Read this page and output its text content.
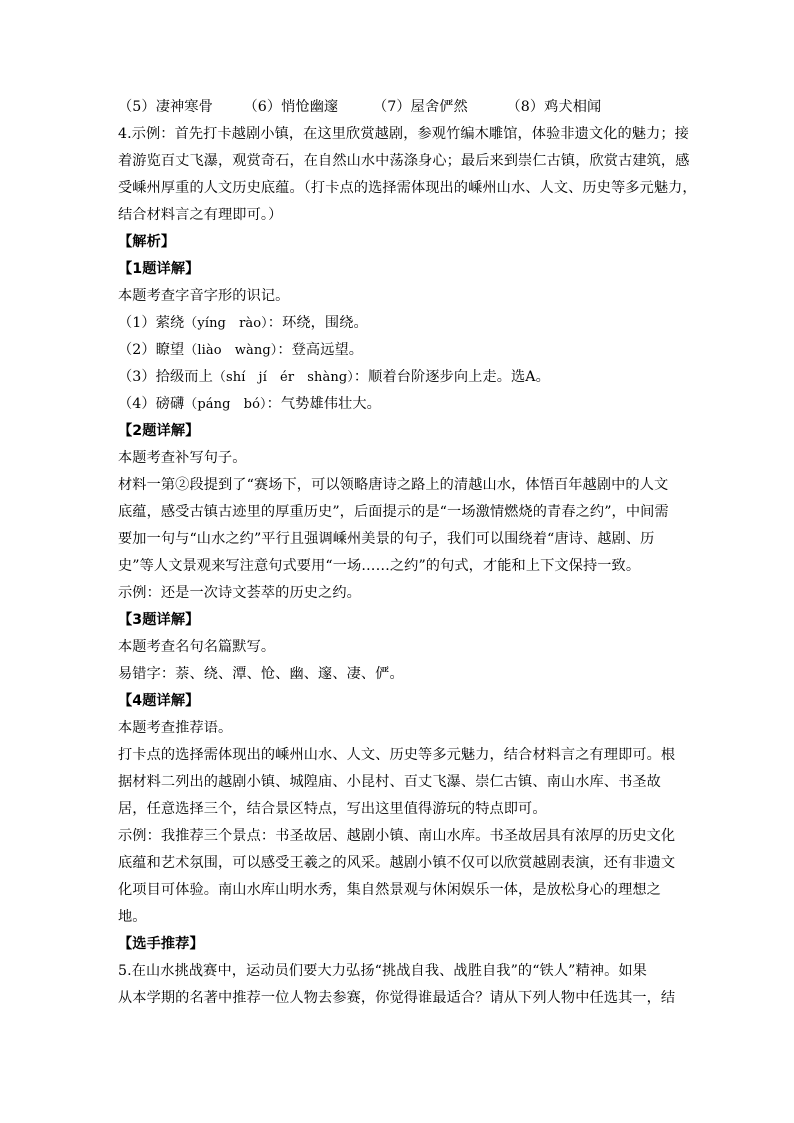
（5）凄神寒骨 （6）悄怆幽邃 （7）屋舍俨然	（8）鸡犬相闻
4.示例：首先打卡越剧小镇，在这里欣赏越剧，参观竹编木雕馆，体验非遗文化的魅力；接
着游览百丈飞瀑，观赏奇石，在自然山水中荡涤身心；最后来到崇仁古镇，欣赏古建筑，感
受嵊州厚重的人文历史底蕴。（打卡点的选择需体现出的嵊州山水、人文、历史等多元魅力，
结合材料言之有理即可。）
【解析】
【1题详解】
本题考查字音字形的识记。
（1）萦绕（yíng　rào）：环绕，围绕。
（2）瞭望（liào　wàng）：登高远望。
（3）拾级而上（shí　jí　ér　shàng）：顺着台阶逐步向上走。选A。
（4）磅礴（páng　bó）：气势雄伟壮大。
【2题详解】
本题考查补写句子。
材料一第②段提到了“赛场下，可以领略唐诗之路上的清越山水，体悟百年越剧中的人文
底蕴，感受古镇古迹里的厚重历史”，后面提示的是“一场激情燃烧的青春之约”，中间需
要加一句与“山水之约”平行且强调嵊州美景的句子，我们可以围绕着“唐诗、越剧、历
史”等人文景观来写注意句式要用“一场……之约”的句式，才能和上下文保持一致。
示例：还是一次诗文荟萃的历史之约。
【3题详解】
本题考查名句名篇默写。
易错字：萘、绕、潭、怆、幽、邃、凄、俨。
【4题详解】
本题考查推荐语。
打卡点的选择需体现出的嵊州山水、人文、历史等多元魅力，结合材料言之有理即可。根
据材料二列出的越剧小镇、城隍庙、小昆村、百丈飞瀑、崇仁古镇、南山水库、书圣故
居，任意选择三个，结合景区特点，写出这里值得游玩的特点即可。
示例：我推荐三个景点：书圣故居、越剧小镇、南山水库。书圣故居具有浓厚的历史文化
底蕴和艺术氛围，可以感受王羲之的风采。越剧小镇不仅可以欣赏越剧表演，还有非遗文
化项目可体验。南山水库山明水秀，集自然景观与休闲娱乐一体，是放松身心的理想之
地。
【选手推荐】
5.在山水挑战赛中，运动员们要大力弘扬“挑战自我、战胜自我”的“铁人”精神。如果
从本学期的名著中推荐一位人物去参赛，你觉得谁最适合？请从下列人物中任选其一，结
